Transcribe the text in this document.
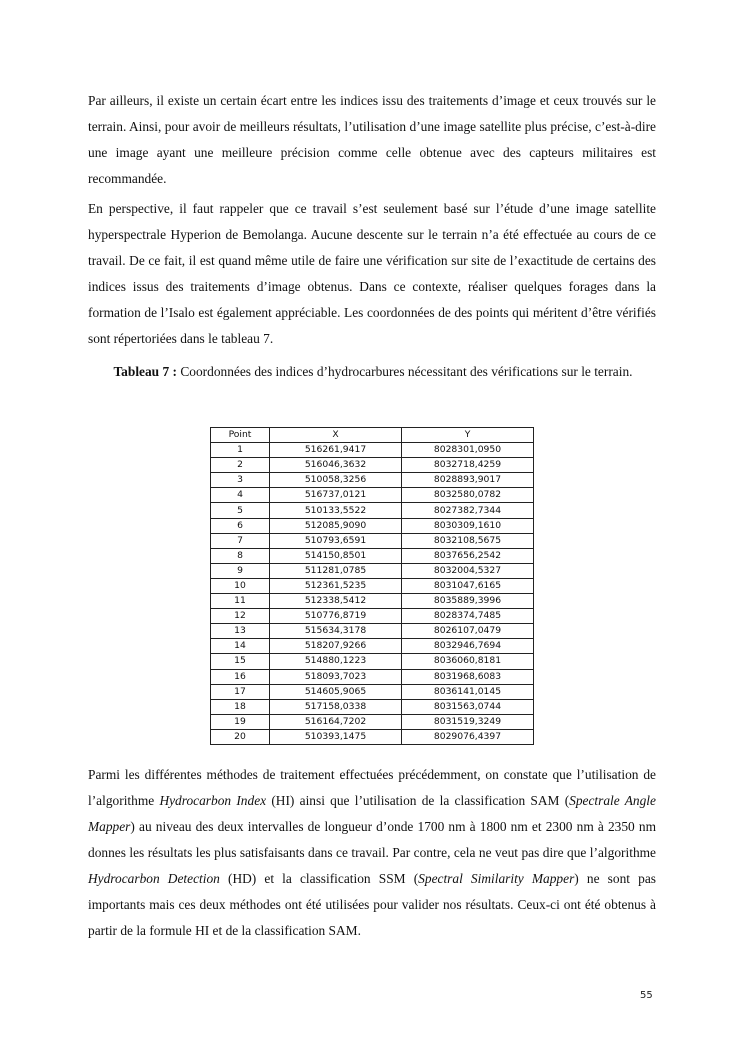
Par ailleurs, il existe un certain écart entre les indices issu des traitements d’image et ceux trouvés sur le terrain. Ainsi, pour avoir de meilleurs résultats, l’utilisation d’une image satellite plus précise, c’est-à-dire une image ayant une meilleure précision comme celle obtenue avec des capteurs militaires est recommandée.

En perspective, il faut rappeler que ce travail s’est seulement basé sur l’étude d’une image satellite hyperspectrale Hyperion de Bemolanga. Aucune descente sur le terrain n’a été effectuée au cours de ce travail. De ce fait, il est quand même utile de faire une vérification sur site de l’exactitude de certains des indices issus des traitements d’image obtenus. Dans ce contexte, réaliser quelques forages dans la formation de l’Isalo est également appréciable. Les coordonnées de des points qui méritent d’être vérifiés sont répertoriées dans le tableau 7.

Tableau 7 : Coordonnées des indices d’hydrocarbures nécessitant des vérifications sur le terrain.
Point	X	Y
1	516261,9417	8028301,0950
2	516046,3632	8032718,4259
3	510058,3256	8028893,9017
4	516737,0121	8032580,0782
5	510133,5522	8027382,7344
6	512085,9090	8030309,1610
7	510793,6591	8032108,5675
8	514150,8501	8037656,2542
9	511281,0785	8032004,5327
10	512361,5235	8031047,6165
11	512338,5412	8035889,3996
12	510776,8719	8028374,7485
13	515634,3178	8026107,0479
14	518207,9266	8032946,7694
15	514880,1223	8036060,8181
16	518093,7023	8031968,6083
17	514605,9065	8036141,0145
18	517158,0338	8031563,0744
19	516164,7202	8031519,3249
20	510393,1475	8029076,4397

Parmi les différentes méthodes de traitement effectuées précédemment, on constate que l’utilisation de l’algorithme Hydrocarbon Index (HI) ainsi que l’utilisation de la classification SAM (Spectrale Angle Mapper) au niveau des deux intervalles de longueur d’onde 1700 nm à 1800 nm et 2300 nm à 2350 nm donnes les résultats les plus satisfaisants dans ce travail. Par contre, cela ne veut pas dire que l’algorithme Hydrocarbon Detection (HD) et la classification SSM (Spectral Similarity Mapper) ne sont pas importants mais ces deux méthodes ont été utilisées pour valider nos résultats. Ceux-ci ont été obtenus à partir de la formule HI et de la classification SAM.

55
